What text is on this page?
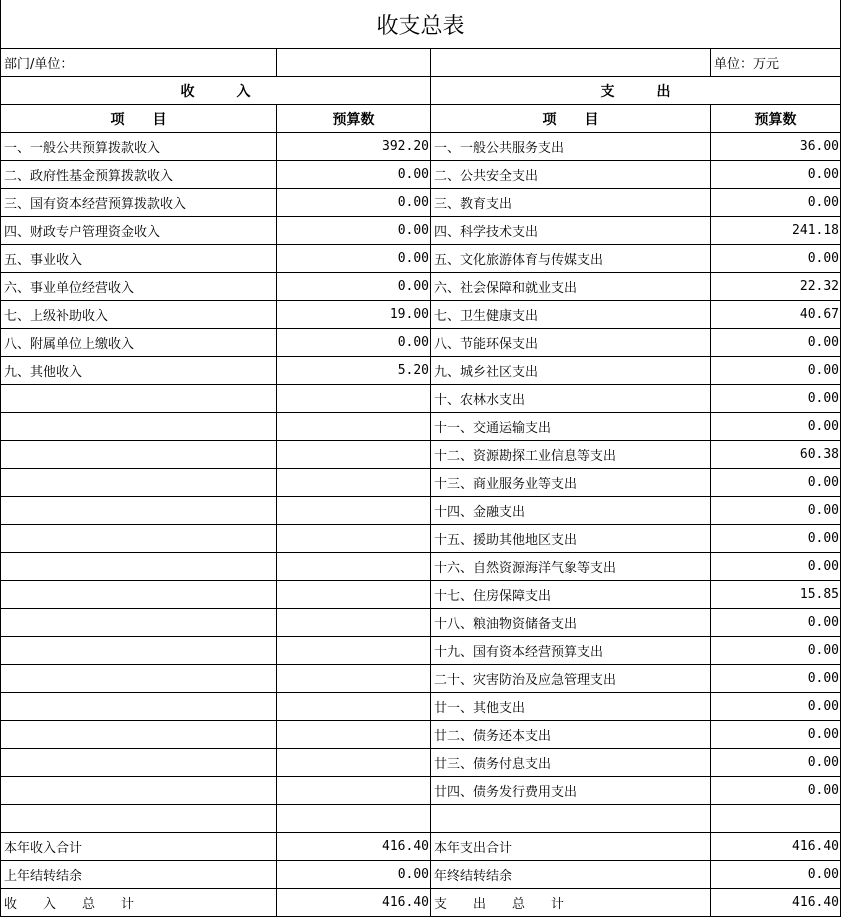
收支总表			
部门/单位：			单位：万元
收　　　入		支　　　出	
项　　目	预算数	项　　目	预算数
一、一般公共预算拨款收入	392.20	一、一般公共服务支出	36.00
二、政府性基金预算拨款收入	0.00	二、公共安全支出	0.00
三、国有资本经营预算拨款收入	0.00	三、教育支出	0.00
四、财政专户管理资金收入	0.00	四、科学技术支出	241.18
五、事业收入	0.00	五、文化旅游体育与传媒支出	0.00
六、事业单位经营收入	0.00	六、社会保障和就业支出	22.32
七、上级补助收入	19.00	七、卫生健康支出	40.67
八、附属单位上缴收入	0.00	八、节能环保支出	0.00
九、其他收入	5.20	九、城乡社区支出	0.00
		十、农林水支出	0.00
		十一、交通运输支出	0.00
		十二、资源勘探工业信息等支出	60.38
		十三、商业服务业等支出	0.00
		十四、金融支出	0.00
		十五、援助其他地区支出	0.00
		十六、自然资源海洋气象等支出	0.00
		十七、住房保障支出	15.85
		十八、粮油物资储备支出	0.00
		十九、国有资本经营预算支出	0.00
		二十、灾害防治及应急管理支出	0.00
		廿一、其他支出	0.00
		廿二、债务还本支出	0.00
		廿三、债务付息支出	0.00
		廿四、债务发行费用支出	0.00

本年收入合计	416.40	本年支出合计	416.40
上年结转结余	0.00	年终结转结余	0.00
收　　入　　总　　计	416.40	支　　出　　总　　计	416.40
